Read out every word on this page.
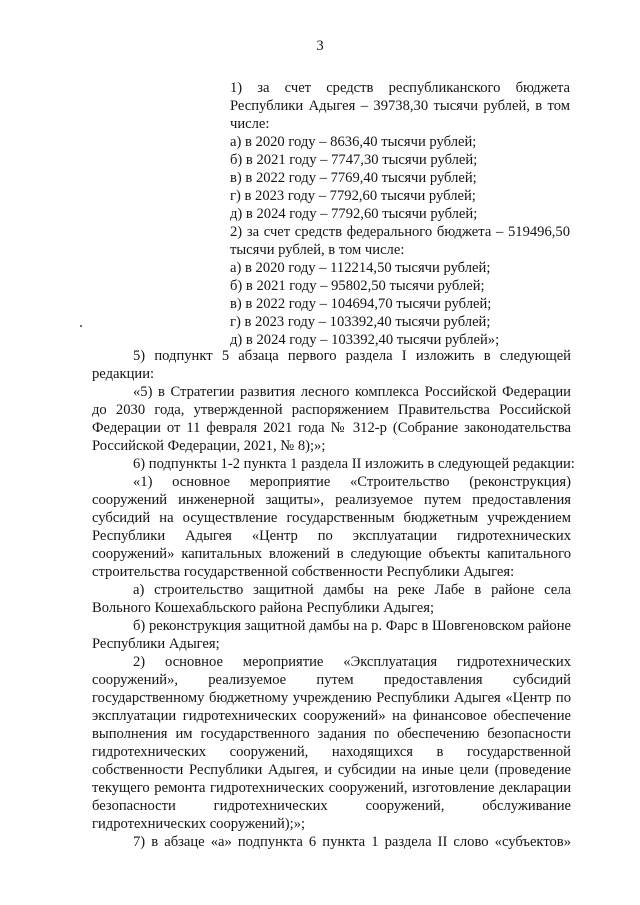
3
1) за счет средств республиканского бюджета
Республики Адыгея – 39738,30 тысячи рублей, в том
числе:
а) в 2020 году – 8636,40 тысячи рублей;
б) в 2021 году – 7747,30 тысячи рублей;
в) в 2022 году – 7769,40 тысячи рублей;
г) в 2023 году – 7792,60 тысячи рублей;
д) в 2024 году – 7792,60 тысячи рублей;
2) за счет средств федерального бюджета – 519496,50
тысячи рублей, в том числе:
а) в 2020 году – 112214,50 тысячи рублей;
б) в 2021 году – 95802,50 тысячи рублей;
в) в 2022 году – 104694,70 тысячи рублей;
г) в 2023 году – 103392,40 тысячи рублей;
д) в 2024 году – 103392,40 тысячи рублей»;
5) подпункт 5 абзаца первого раздела I изложить в следующей
редакции:
«5) в Стратегии развития лесного комплекса Российской Федерации
до 2030 года, утвержденной распоряжением Правительства Российской
Федерации от 11 февраля 2021 года № 312-р (Собрание законодательства
Российской Федерации, 2021, № 8);»;
6) подпункты 1-2 пункта 1 раздела II изложить в следующей редакции:
«1) основное мероприятие «Строительство (реконструкция)
сооружений инженерной защиты», реализуемое путем предоставления
субсидий на осуществление государственным бюджетным учреждением
Республики Адыгея «Центр по эксплуатации гидротехнических
сооружений» капитальных вложений в следующие объекты капитального
строительства государственной собственности Республики Адыгея:
а) строительство защитной дамбы на реке Лабе в районе села
Вольного Кошехабльского района Республики Адыгея;
б) реконструкция защитной дамбы на р. Фарс в Шовгеновском районе
Республики Адыгея;
2) основное мероприятие «Эксплуатация гидротехнических
сооружений», реализуемое путем предоставления субсидий
государственному бюджетному учреждению Республики Адыгея «Центр по
эксплуатации гидротехнических сооружений» на финансовое обеспечение
выполнения им государственного задания по обеспечению безопасности
гидротехнических сооружений, находящихся в государственной
собственности Республики Адыгея, и субсидии на иные цели (проведение
текущего ремонта гидротехнических сооружений, изготовление декларации
безопасности гидротехнических сооружений, обслуживание
гидротехнических сооружений);»;
7) в абзаце «а» подпункта 6 пункта 1 раздела II слово «субъектов»
